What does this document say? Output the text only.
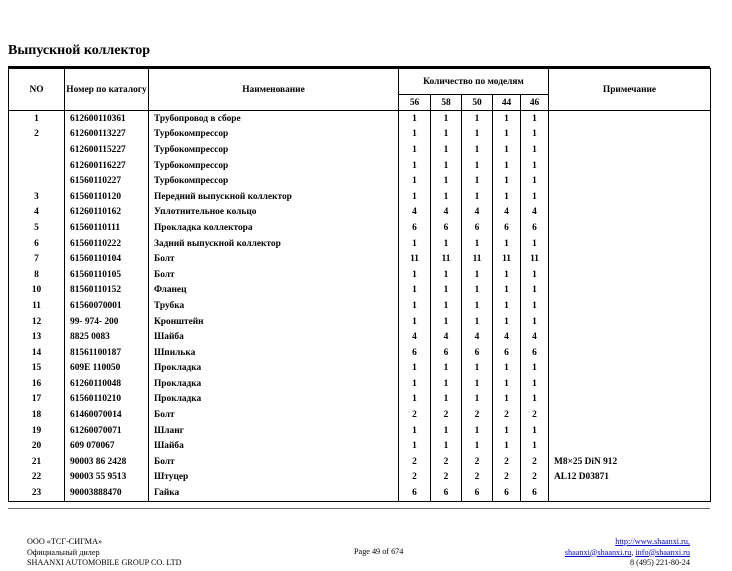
Выпускной коллектор
NO	Номер по каталогу	Наименование	Количество по моделям					Примечание
			56	58	50	44	46	
1	612600110361	Трубопровод в сборе	1	1	1	1	1	
2	612600113227	Турбокомпрессор	1	1	1	1	1	
	612600115227	Турбокомпрессор	1	1	1	1	1	
	612600116227	Турбокомпрессор	1	1	1	1	1	
	61560110227	Турбокомпрессор	1	1	1	1	1	
3	61560110120	Передний выпускной коллектор	1	1	1	1	1	
4	61260110162	Уплотнительное кольцо	4	4	4	4	4	
5	61560110111	Прокладка коллектора	6	6	6	6	6	
6	61560110222	Задний выпускной коллектор	1	1	1	1	1	
7	61560110104	Болт	11	11	11	11	11	
8	61560110105	Болт	1	1	1	1	1	
10	81560110152	Фланец	1	1	1	1	1	
11	61560070001	Трубка	1	1	1	1	1	
12	99- 974- 200	Кронштейн	1	1	1	1	1	
13	8825 0083	Шайба	4	4	4	4	4	
14	81561100187	Шпилька	6	6	6	6	6	
15	609E 110050	Прокладка	1	1	1	1	1	
16	61260110048	Прокладка	1	1	1	1	1	
17	61560110210	Прокладка	1	1	1	1	1	
18	61460070014	Болт	2	2	2	2	2	
19	61260070071	Шланг	1	1	1	1	1	
20	609 070067	Шайба	1	1	1	1	1	
21	90003 86 2428	Болт	2	2	2	2	2	M8×25 DiN 912
22	90003 55 9513	Штуцер	2	2	2	2	2	AL12 D03871
23	90003888470	Гайка	6	6	6	6	6	
ООО «ТСГ-СИГМА»
Официальный дилер
SHAANXI AUTOMOBILE GROUP CO. LTD
Page 49 of 674
http://www.shaanxi.ru,
shaanxi@shaanxi.ru, info@shaanxi.ru
8 (495) 221-80-24
